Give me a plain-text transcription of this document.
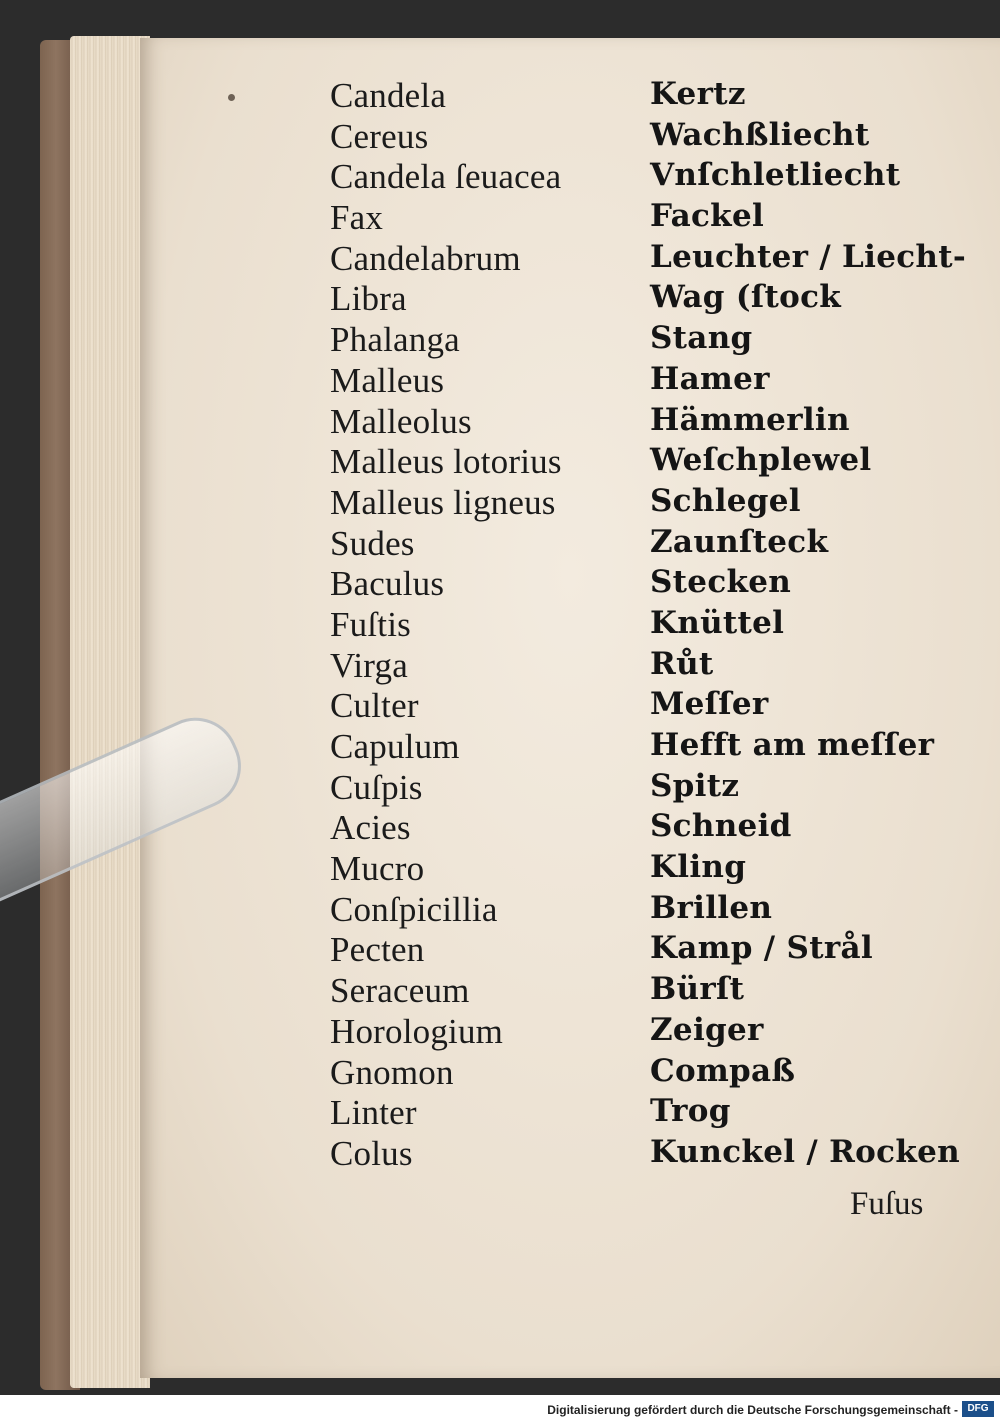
Candela	Kertz
Cereus	Wachßliecht
Candela ſeuacea	Vnſchletliecht
Fax	Fackel
Candelabrum	Leuchter / Liecht-
Libra	Wag (ſtock
Phalanga	Stang
Malleus	Hamer
Malleolus	Hämmerlin
Malleus lotorius	Weſchplewel
Malleus ligneus	Schlegel
Sudes	Zaunſteck
Baculus	Stecken
Fuſtis	Knüttel
Virga	Růt
Culter	Meſſer
Capulum	Hefft am meſſer
Cuſpis	Spitz
Acies	Schneid
Mucro	Kling
Conſpicillia	Brillen
Pecten	Kamp / Strål
Seraceum	Bürſt
Horologium	Zeiger
Gnomon	Compaß
Linter	Trog
Colus	Kunckel / Rocken
Fuſus
Digitalisierung gefördert durch die Deutsche Forschungsgemeinschaft - DFG
